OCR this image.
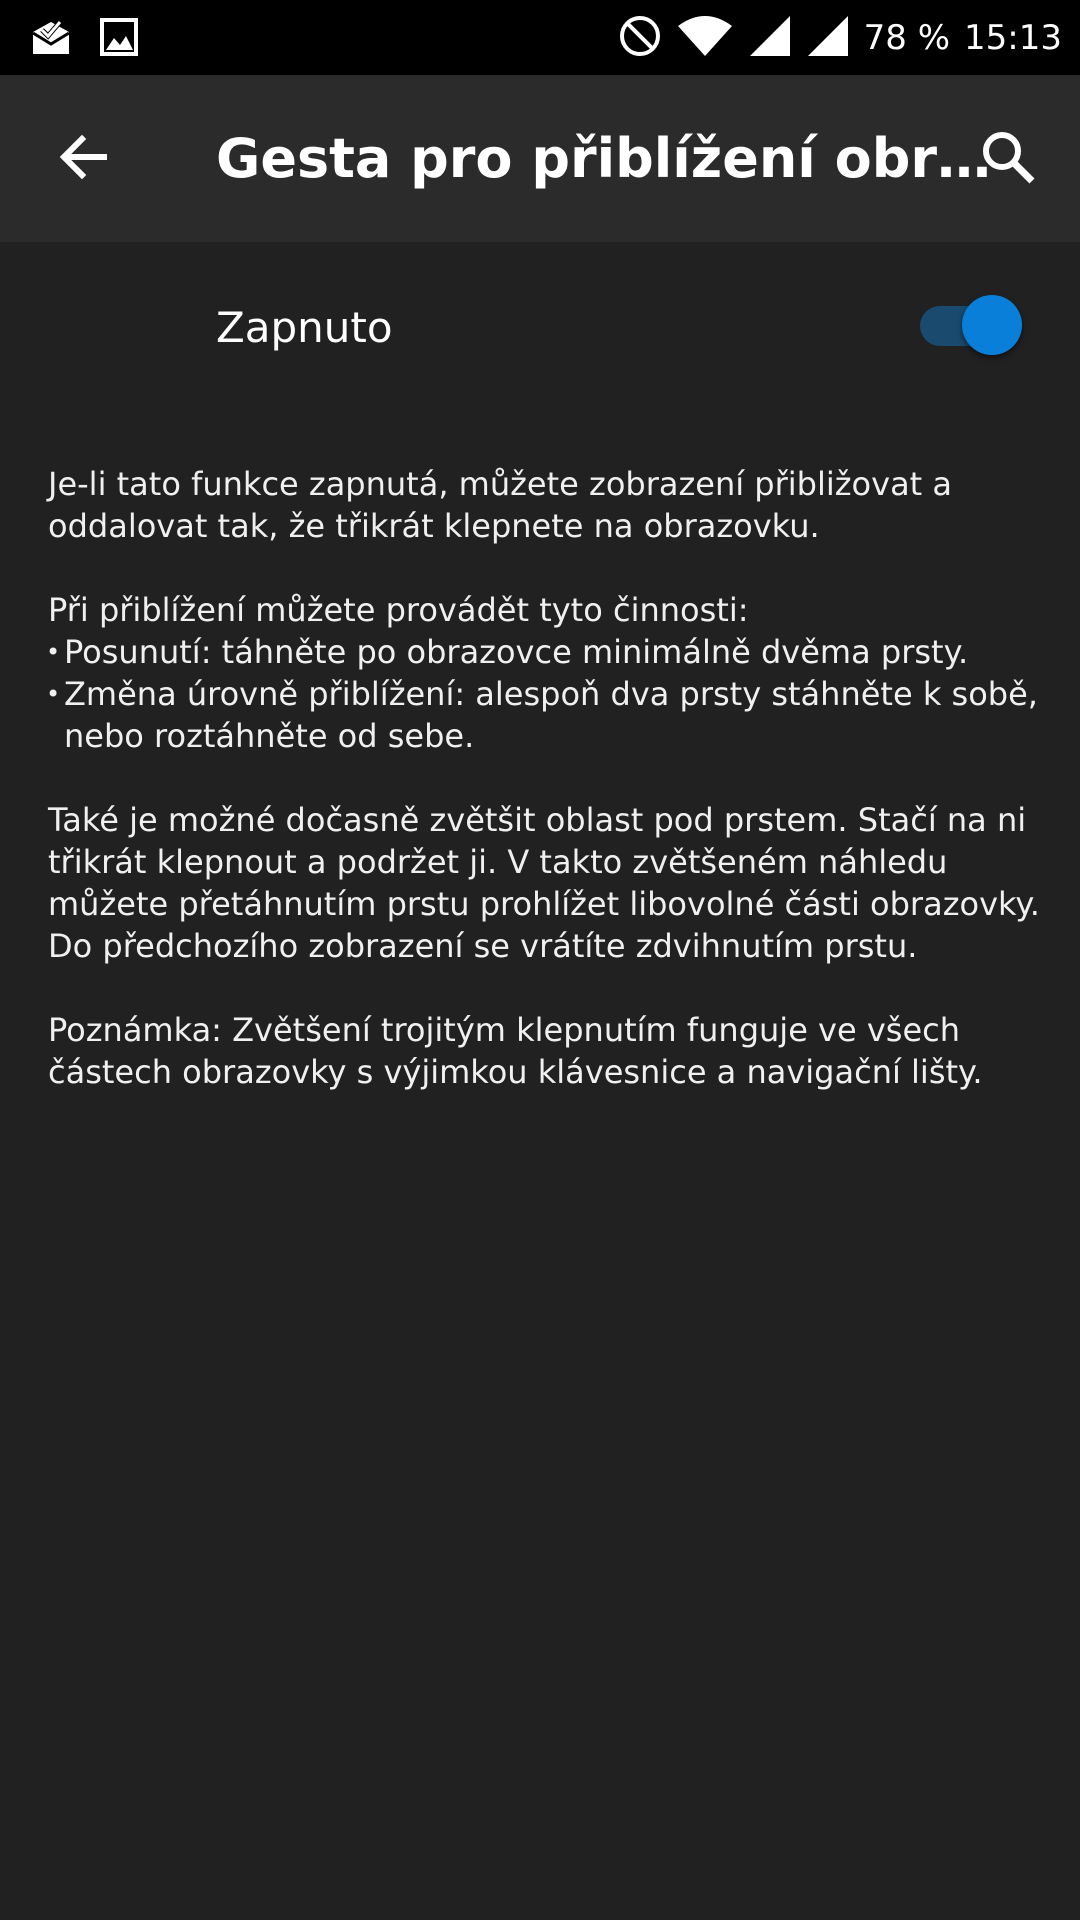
78 % 15:13
Gesta pro přiblížení obr…
Zapnuto

Je-li tato funkce zapnutá, můžete zobrazení přibližovat a oddalovat tak, že třikrát klepnete na obrazovku.

Při přiblížení můžete provádět tyto činnosti:
• Posunutí: táhněte po obrazovce minimálně dvěma prsty.
• Změna úrovně přiblížení: alespoň dva prsty stáhněte k sobě, nebo roztáhněte od sebe.

Také je možné dočasně zvětšit oblast pod prstem. Stačí na ni třikrát klepnout a podržet ji. V takto zvětšeném náhledu můžete přetáhnutím prstu prohlížet libovolné části obrazovky. Do předchozího zobrazení se vrátíte zdvihnutím prstu.

Poznámka: Zvětšení trojitým klepnutím funguje ve všech částech obrazovky s výjimkou klávesnice a navigační lišty.
